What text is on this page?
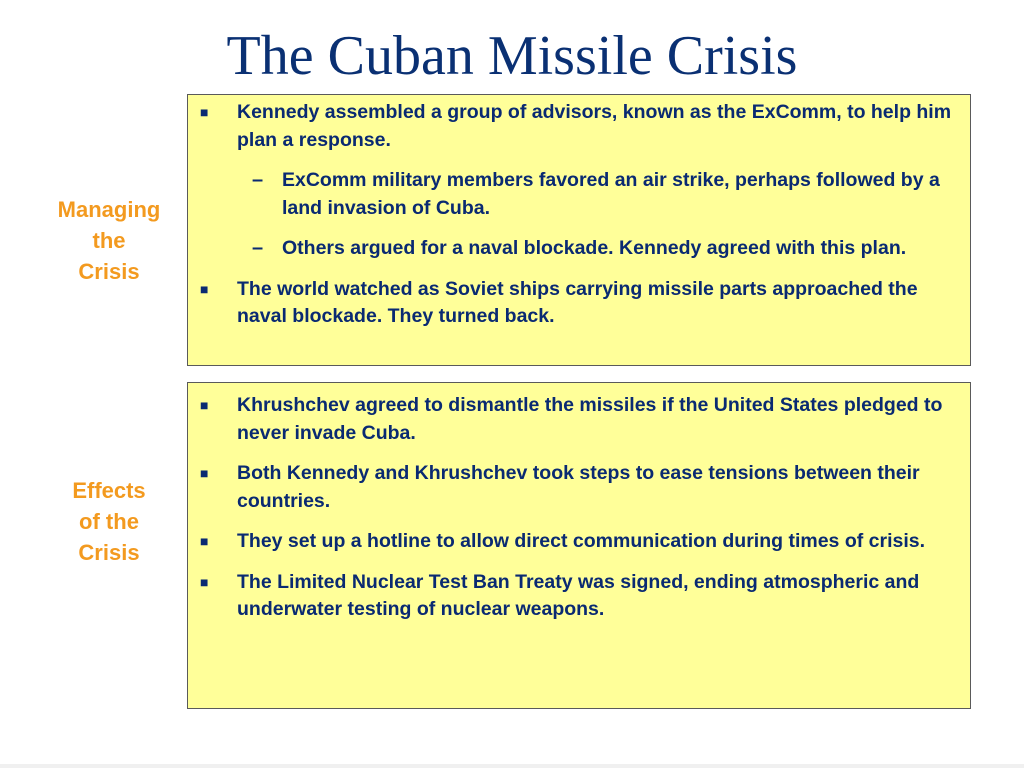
The Cuban Missile Crisis
Managing
the
Crisis
■ Kennedy assembled a group of advisors, known as the ExComm, to help him plan a response.
– ExComm military members favored an air strike, perhaps followed by a land invasion of Cuba.
– Others argued for a naval blockade. Kennedy agreed with this plan.
■ The world watched as Soviet ships carrying missile parts approached the naval blockade. They turned back.
Effects
of the
Crisis
■ Khrushchev agreed to dismantle the missiles if the United States pledged to never invade Cuba.
■ Both Kennedy and Khrushchev took steps to ease tensions between their countries.
■ They set up a hotline to allow direct communication during times of crisis.
■ The Limited Nuclear Test Ban Treaty was signed, ending atmospheric and underwater testing of nuclear weapons.
